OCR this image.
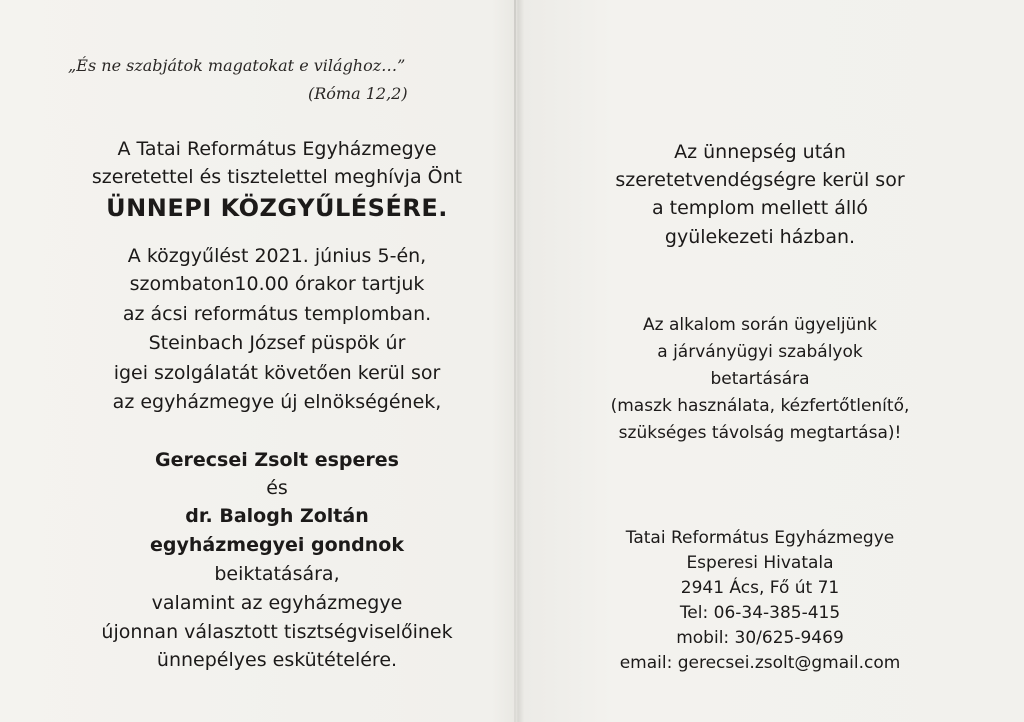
„És ne szabjátok magatokat e világhoz…”
(Róma 12,2)
A Tatai Református Egyházmegye
szeretettel és tisztelettel meghívja Önt
ÜNNEPI KÖZGYŰLÉSÉRE.
A közgyűlést 2021. június 5-én,
szombaton10.00 órakor tartjuk
az ácsi református templomban.
Steinbach József püspök úr
igei szolgálatát követően kerül sor
az egyházmegye új elnökségének,
Gerecsei Zsolt esperes
és
dr. Balogh Zoltán
egyházmegyei gondnok
beiktatására,
valamint az egyházmegye
újonnan választott tisztségviselőinek
ünnepélyes eskütételére.
Az ünnepség után
szeretetvendégségre kerül sor
a templom mellett álló
gyülekezeti házban.
Az alkalom során ügyeljünk
a járványügyi szabályok
betartására
(maszk használata, kézfertőtlenítő,
szükséges távolság megtartása)!
Tatai Református Egyházmegye
Esperesi Hivatala
2941 Ács, Fő út 71
Tel: 06-34-385-415
mobil: 30/625-9469
email: gerecsei.zsolt@gmail.com
